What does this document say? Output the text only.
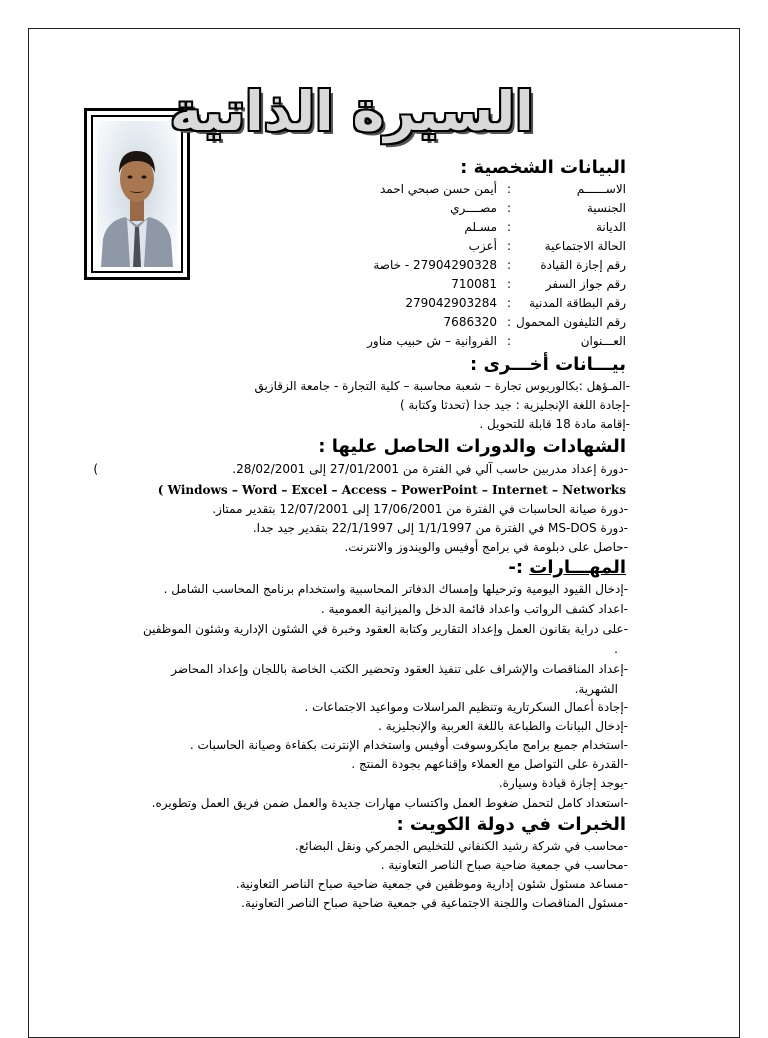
السيرة الذاتية
البيانات الشخصية :
الاســــــم:أيمن حسن صبحي احمد
الجنسية:مصــــري
الديانة:مسـلم
الحالة الاجتماعية:أعزب
رقم إجازة القيادة:27904290328 - خاصة
رقم جواز السفر:710081
رقم البطاقة المدنية:279042903284
رقم التليفون المحمول:7686320
العـــنوان:الفروانية – ش حبيب مناور
بيـــانات أخـــرى :
-المـؤهل :بكالوريوس تجارة – شعبة محاسبة – كلية التجارة - جامعة الزقازيق
-إجادة اللغة الإنجليزية : جيد جدا (تحدثا وكتابة )
-إقامة مادة 18 قابلة للتحويل .
الشهادات والدورات الحاصل عليها :
-دورة إعداد مدربين حاسب آلي في الفترة من 27/01/2001 إلى 28/02/2001.
)
( Windows – Word – Excel – Access – PowerPoint – Internet – Networks
-دورة صيانة الحاسبات في الفترة من 17/06/2001 إلى 12/07/2001 بتقدير ممتاز.
-دورة MS-DOS في الفترة من 1/1/1997 إلى 22/1/1997 بتقدير جيد جدا.
-حاصل على دبلومة في برامج أوفيس والويندوز والانترنت.
المهـــارات :-
-إدخال القيود اليومية وترحيلها وإمساك الدفاتر المحاسبية واستخدام برنامج المحاسب الشامل .
-اعداد كشف الرواتب واعداد قائمة الدخل والميزانية العمومية .
-على دراية بقانون العمل وإعداد التقارير وكتابة العقود وخبرة في الشئون الإدارية وشئون الموظفين
.
-إعداد المناقصات والإشراف على تنفيذ العقود وتحضير الكتب الخاصة باللجان وإعداد المحاضر
الشهرية.
-إجادة أعمال السكرتارية وتنظيم المراسلات ومواعيد الاجتماعات .
-إدخال البيانات والطباعة باللغة العربية والإنجليزية .
-استخدام جميع برامج مايكروسوفت أوفيس واستخدام الإنترنت بكفاءة وصيانة الحاسبات .
-القدرة على التواصل مع العملاء وإقناعهم بجودة المنتج .
-يوجد إجازة قيادة وسيارة.
-استعداد كامل لتحمل ضغوط العمل واكتساب مهارات جديدة والعمل ضمن فريق العمل وتطويره.
الخبرات في دولة الكويت :
-محاسب في شركة رشيد الكنفاني للتخليص الجمركي ونقل البضائع.
-محاسب في جمعية ضاحية صباح الناصر التعاونية .
-مساعد مسئول شئون إدارية وموظفين في جمعية ضاحية صباح الناصر التعاونية.
-مسئول المناقصات واللجنة الاجتماعية في جمعية ضاحية صباح الناصر التعاونية.
